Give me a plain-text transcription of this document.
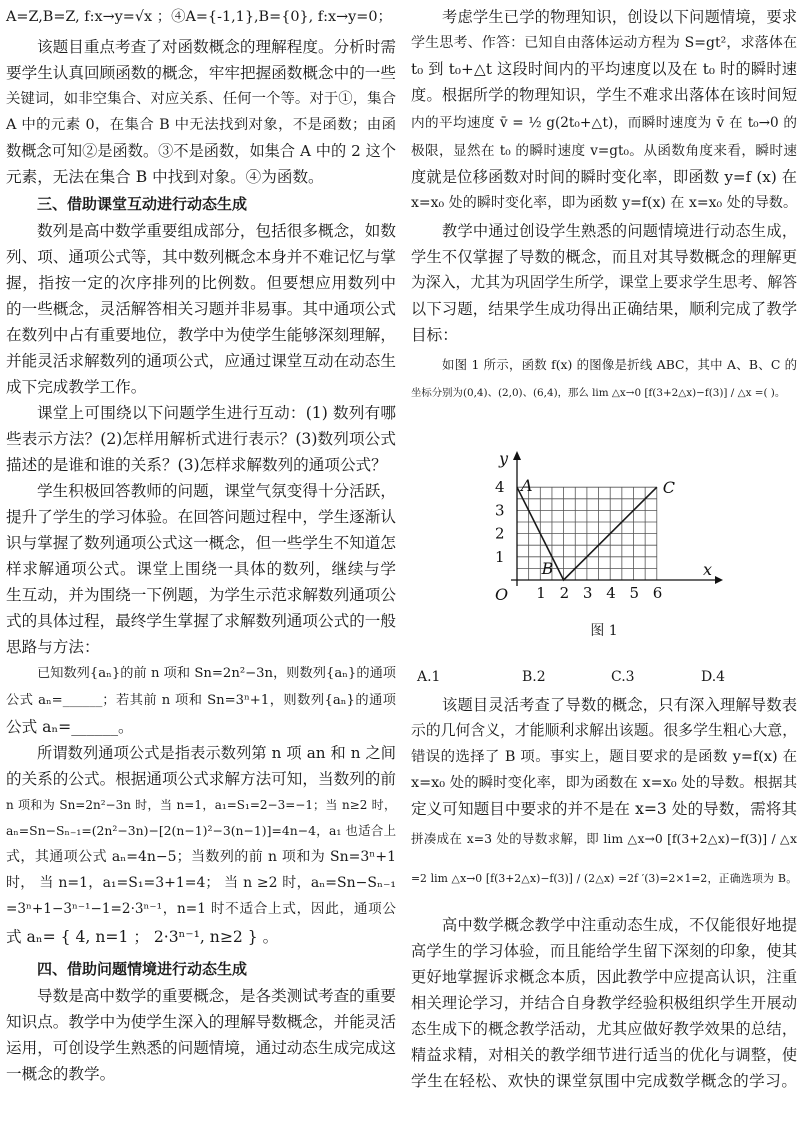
A=Z,B=Z, f:x→y=√x ；④A={-1,1},B={0}, f:x→y=0；
该题目重点考查了对函数概念的理解程度。分析时需
要学生认真回顾函数的概念，牢牢把握函数概念中的一些
关键词，如非空集合、对应关系、任何一个等。对于①，集合
A 中的元素 0，在集合 B 中无法找到对象，不是函数；由函
数概念可知②是函数。③不是函数，如集合 A 中的 2 这个
元素，无法在集合 B 中找到对象。④为函数。
三、借助课堂互动进行动态生成
数列是高中数学重要组成部分，包括很多概念，如数
列、项、通项公式等，其中数列概念本身并不难记忆与掌
握，指按一定的次序排列的比例数。但要想应用数列中
的一些概念，灵活解答相关习题并非易事。其中通项公式
在数列中占有重要地位，教学中为使学生能够深刻理解，
并能灵活求解数列的通项公式，应通过课堂互动在动态生
成下完成教学工作。
课堂上可围绕以下问题学生进行互动：(1) 数列有哪
些表示方法？(2)怎样用解析式进行表示？(3)数列项公式
描述的是谁和谁的关系？(3)怎样求解数列的通项公式？
学生积极回答教师的问题，课堂气氛变得十分活跃，
提升了学生的学习体验。在回答问题过程中，学生逐渐认
识与掌握了数列通项公式这一概念，但一些学生不知道怎
样求解通项公式。课堂上围绕一具体的数列，继续与学
生互动，并为围绕一下例题，为学生示范求解数列通项公
式的具体过程，最终学生掌握了求解数列通项公式的一般
思路与方法：
已知数列{aₙ}的前 n 项和 Sn=2n²−3n，则数列{aₙ}的通项
公式 aₙ=______；若其前 n 项和 Sn=3ⁿ+1，则数列{aₙ}的通项
公式 aₙ=______。
所谓数列通项公式是指表示数列第 n 项 an 和 n 之间
的关系的公式。根据通项公式求解方法可知，当数列的前
n 项和为 Sn=2n²−3n 时，当 n=1，a₁=S₁=2−3=−1；当 n≥2 时，
aₙ=Sn−Sₙ₋₁=(2n²−3n)−[2(n−1)²−3(n−1)]=4n−4，a₁ 也适合上
式，其通项公式 aₙ=4n−5；当数列的前 n 项和为 Sn=3ⁿ+1
时， 当 n=1，a₁=S₁=3+1=4； 当 n ≥2 时，aₙ=Sn−Sₙ₋₁
=3ⁿ+1−3ⁿ⁻¹−1=2·3ⁿ⁻¹，n=1 时不适合上式，因此，通项公
式 aₙ= { 4, n=1 ； 2·3ⁿ⁻¹, n≥2 } 。
四、借助问题情境进行动态生成
导数是高中数学的重要概念，是各类测试考查的重要
知识点。教学中为使学生深入的理解导数概念，并能灵活
运用，可创设学生熟悉的问题情境，通过动态生成完成这
一概念的教学。
1 2 3 4 5 6
1
2
3
4
O
x
y
A
B
C
考虑学生已学的物理知识，创设以下问题情境，要求
学生思考、作答：已知自由落体运动方程为 S=gt²，求落体在
t₀ 到 t₀+△t 这段时间内的平均速度以及在 t₀ 时的瞬时速
度。根据所学的物理知识，学生不难求出落体在该时间短
内的平均速度 v̄ = ½ g(2t₀+△t)，而瞬时速度为 v̄ 在 t₀→0 的
极限，显然在 t₀ 的瞬时速度 v=gt₀。从函数角度来看，瞬时速
度就是位移函数对时间的瞬时变化率，即函数 y=f (x) 在
x=x₀ 处的瞬时变化率，即为函数 y=f(x) 在 x=x₀ 处的导数。
教学中通过创设学生熟悉的问题情境进行动态生成，
学生不仅掌握了导数的概念，而且对其导数概念的理解更
为深入，尤其为巩固学生所学，课堂上要求学生思考、解答
以下习题，结果学生成功得出正确结果，顺利完成了教学
目标：
如图 1 所示，函数 f(x) 的图像是折线 ABC，其中 A、B、C 的
坐标分别为(0,4)、(2,0)、(6,4)，那么 lim △x→0 [f(3+2△x)−f(3)] / △x =( )。
该题目灵活考查了导数的概念，只有深入理解导数表
示的几何含义，才能顺利求解出该题。很多学生粗心大意，
错误的选择了 B 项。事实上，题目要求的是函数 y=f(x) 在
x=x₀ 处的瞬时变化率，即为函数在 x=x₀ 处的导数。根据其
定义可知题目中要求的并不是在 x=3 处的导数，需将其
拼凑成在 x=3 处的导数求解，即 lim △x→0 [f(3+2△x)−f(3)] / △x
=2 lim △x→0 [f(3+2△x)−f(3)] / (2△x) =2f ′(3)=2×1=2，正确选项为 B。
高中数学概念教学中注重动态生成，不仅能很好地提
高学生的学习体验，而且能给学生留下深刻的印象，使其
更好地掌握诉求概念本质，因此教学中应提高认识，注重
相关理论学习，并结合自身教学经验积极组织学生开展动
态生成下的概念教学活动，尤其应做好教学效果的总结，
精益求精，对相关的教学细节进行适当的优化与调整，使
学生在轻松、欢快的课堂氛围中完成数学概念的学习。
图 1
A.1	B.2	C.3	D.4
